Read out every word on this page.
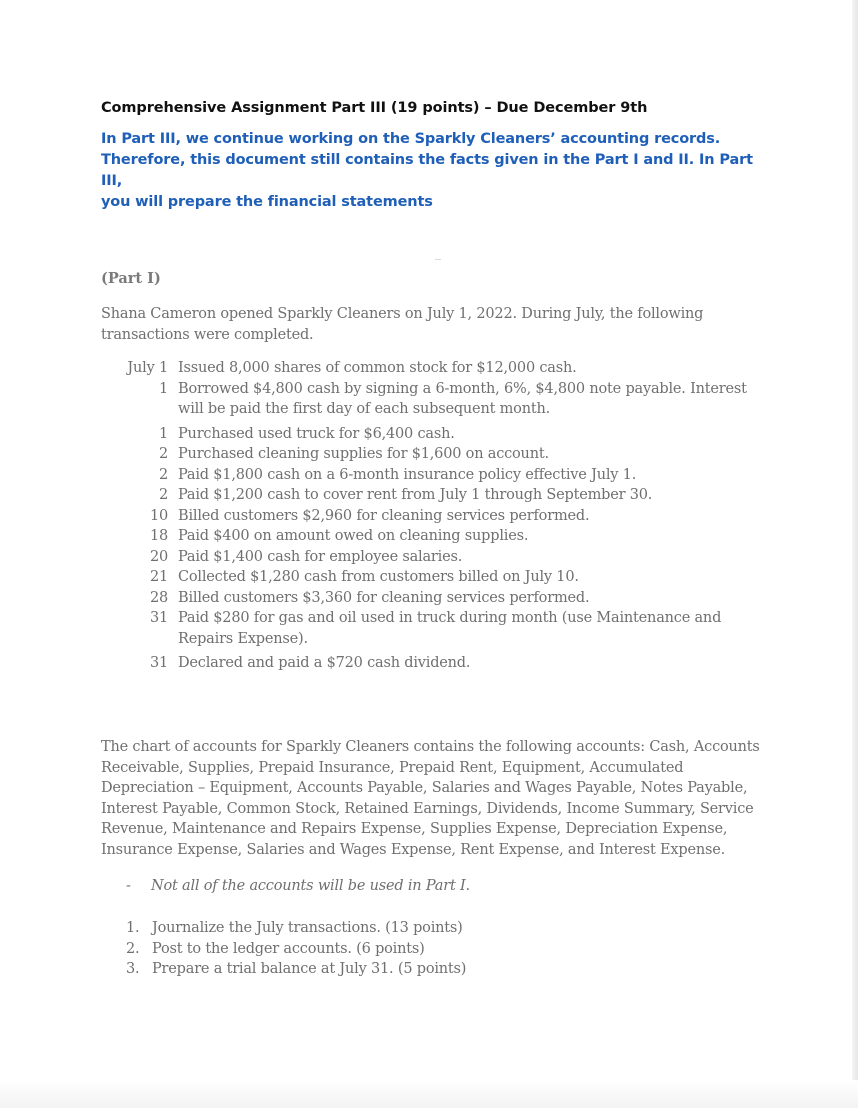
Comprehensive Assignment Part III (19 points) – Due December 9th

In Part III, we continue working on the Sparkly Cleaners’ accounting records.
Therefore, this document still contains the facts given in the Part I and II. In Part III,
you will prepare the financial statements

(Part I)

Shana Cameron opened Sparkly Cleaners on July 1, 2022. During July, the following
transactions were completed.

July 1 Issued 8,000 shares of common stock for $12,000 cash.
1 Borrowed $4,800 cash by signing a 6-month, 6%, $4,800 note payable. Interest
will be paid the first day of each subsequent month.
1 Purchased used truck for $6,400 cash.
2 Purchased cleaning supplies for $1,600 on account.
2 Paid $1,800 cash on a 6-month insurance policy effective July 1.
2 Paid $1,200 cash to cover rent from July 1 through September 30.
10 Billed customers $2,960 for cleaning services performed.
18 Paid $400 on amount owed on cleaning supplies.
20 Paid $1,400 cash for employee salaries.
21 Collected $1,280 cash from customers billed on July 10.
28 Billed customers $3,360 for cleaning services performed.
31 Paid $280 for gas and oil used in truck during month (use Maintenance and
Repairs Expense).
31 Declared and paid a $720 cash dividend.

The chart of accounts for Sparkly Cleaners contains the following accounts: Cash, Accounts
Receivable, Supplies, Prepaid Insurance, Prepaid Rent, Equipment, Accumulated
Depreciation – Equipment, Accounts Payable, Salaries and Wages Payable, Notes Payable,
Interest Payable, Common Stock, Retained Earnings, Dividends, Income Summary, Service
Revenue, Maintenance and Repairs Expense, Supplies Expense, Depreciation Expense,
Insurance Expense, Salaries and Wages Expense, Rent Expense, and Interest Expense.

- Not all of the accounts will be used in Part I.
1. Journalize the July transactions. (13 points)
2. Post to the ledger accounts. (6 points)
3. Prepare a trial balance at July 31. (5 points)
